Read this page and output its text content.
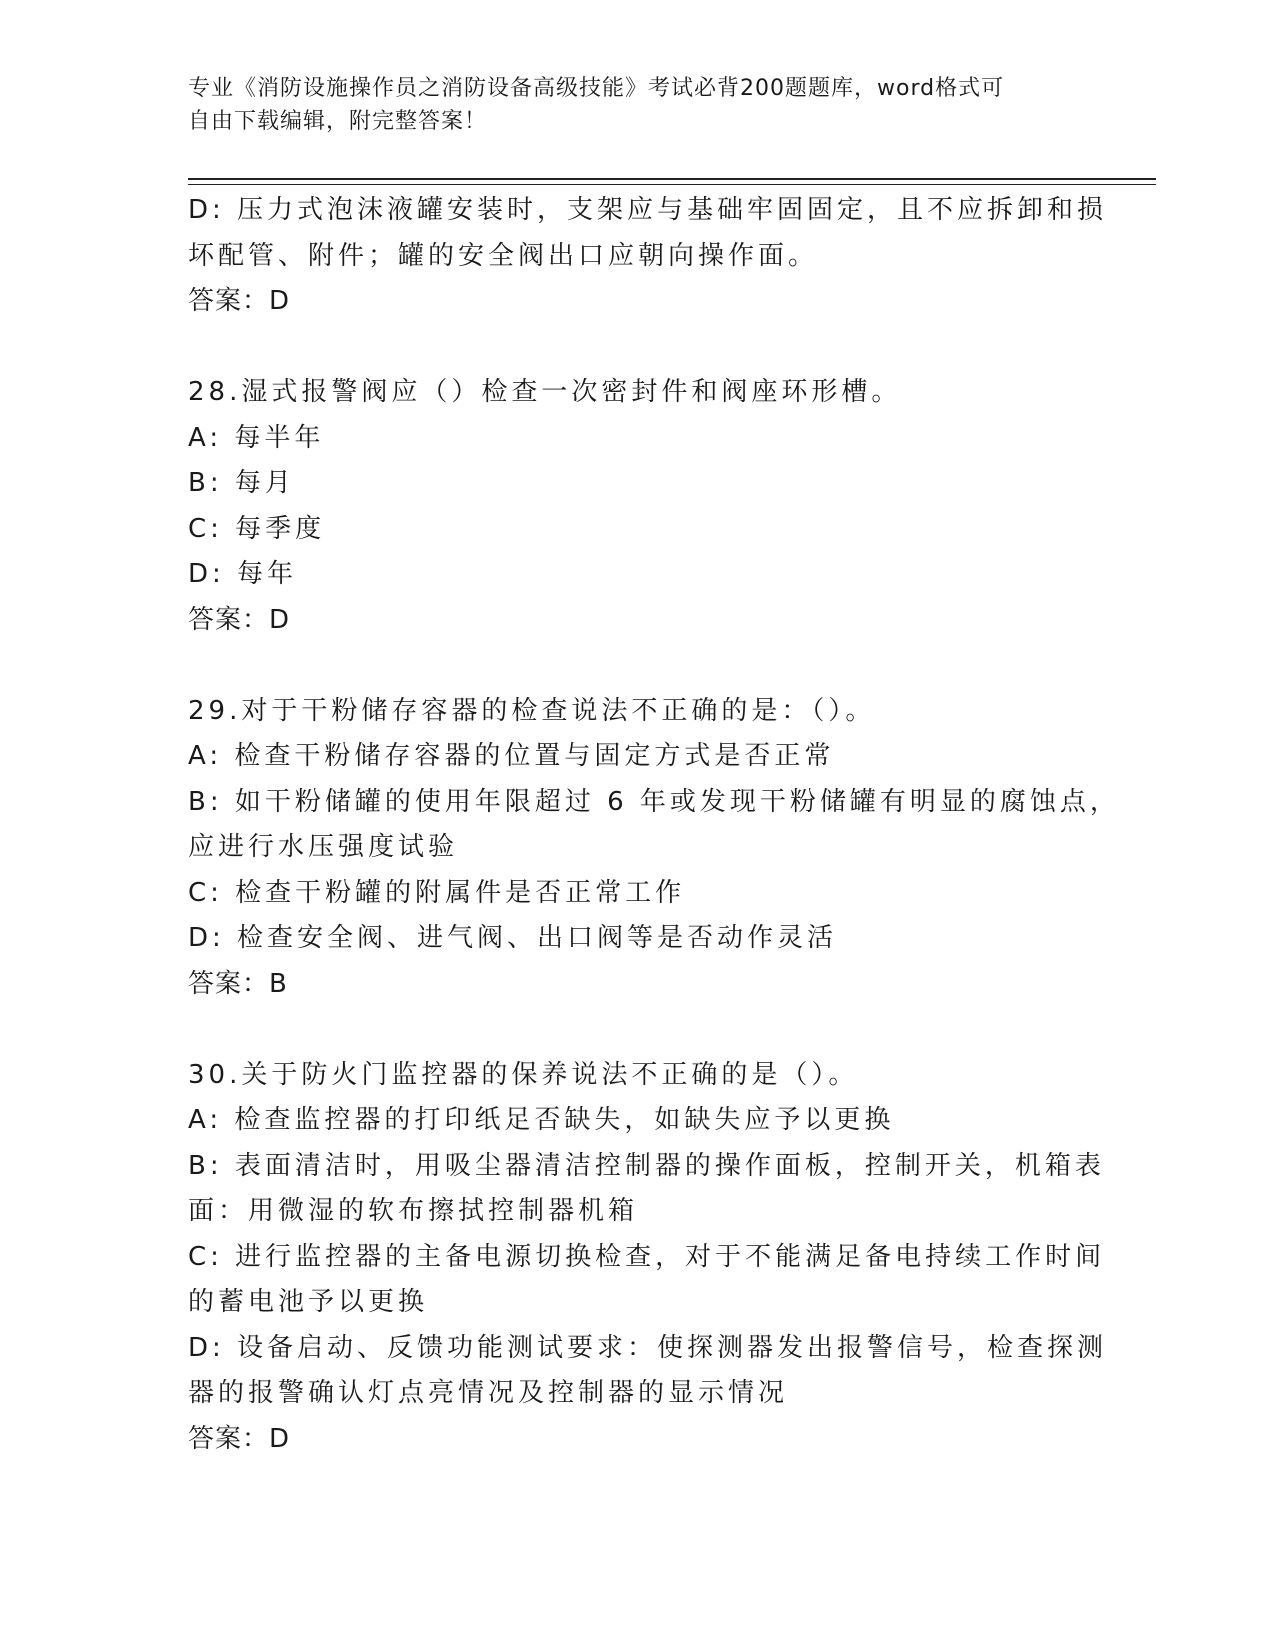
专业《消防设施操作员之消防设备高级技能》考试必背200题题库，word格式可
自由下载编辑，附完整答案！

D: 压力式泡沫液罐安装时，支架应与基础牢固固定，且不应拆卸和损

坏配管、附件；罐的安全阀出口应朝向操作面。

答案：D

28.湿式报警阀应（）检查一次密封件和阀座环形槽。

A: 每半年

B: 每月

C: 每季度

D: 每年

答案：D

29.对于干粉储存容器的检查说法不正确的是：（）。

A: 检查干粉储存容器的位置与固定方式是否正常

B: 如干粉储罐的使用年限超过 6 年或发现干粉储罐有明显的腐蚀点，

应进行水压强度试验

C: 检查干粉罐的附属件是否正常工作

D: 检查安全阀、进气阀、出口阀等是否动作灵活

答案：B

30.关于防火门监控器的保养说法不正确的是（）。

A: 检查监控器的打印纸足否缺失，如缺失应予以更换

B: 表面清洁时，用吸尘器清洁控制器的操作面板，控制开关，机箱表

面：用微湿的软布擦拭控制器机箱

C: 进行监控器的主备电源切换检查，对于不能满足备电持续工作时间

的蓄电池予以更换

D: 设备启动、反馈功能测试要求：使探测器发出报警信号，检查探测

器的报警确认灯点亮情况及控制器的显示情况

答案：D
